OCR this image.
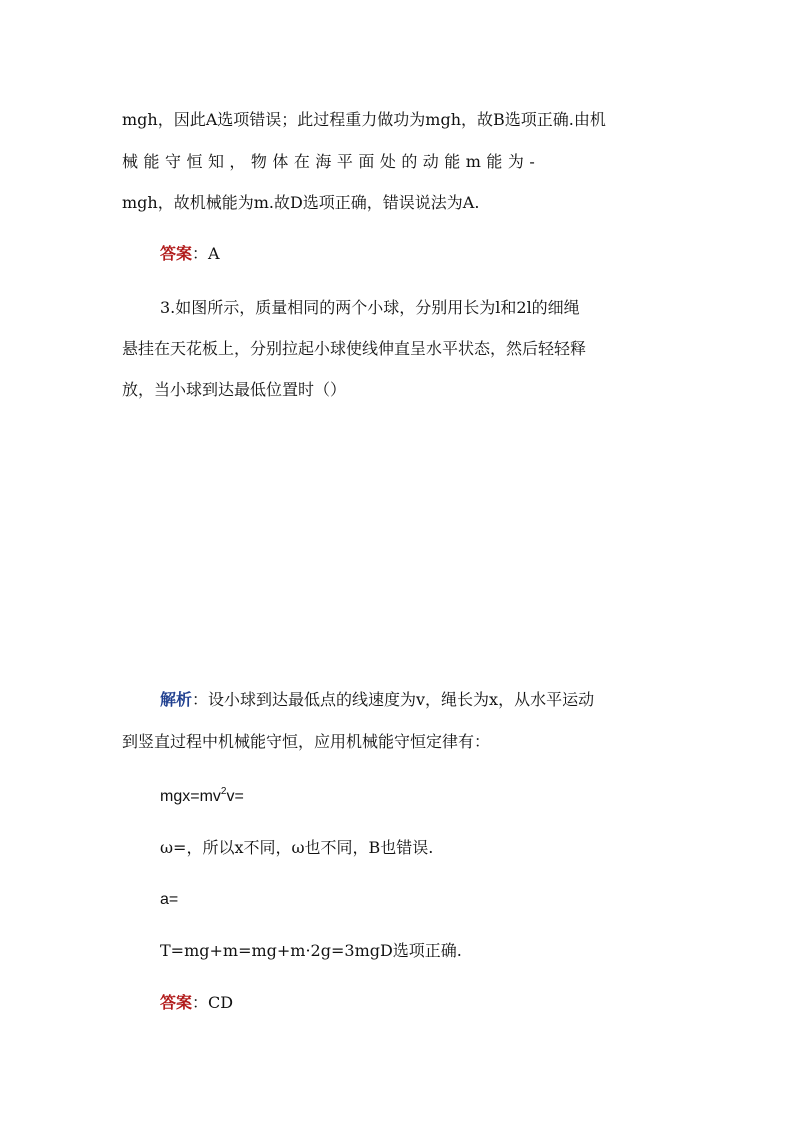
mgh，因此A选项错误；此过程重力做功为mgh，故B选项正确.由机
械 能 守 恒 知 ， 物 体 在 海 平 面 处 的 动 能 m 能 为 -
mgh，故机械能为m.故D选项正确，错误说法为A.
答案：A
3.如图所示，质量相同的两个小球，分别用长为l和2l的细绳
悬挂在天花板上，分别拉起小球使线伸直呈水平状态，然后轻轻释
放，当小球到达最低位置时（）
解析：设小球到达最低点的线速度为v，绳长为x，从水平运动
到竖直过程中机械能守恒，应用机械能守恒定律有：
$mgx=mv^2v=$
ω=，所以x不同，ω也不同，B也错误.
a=
T=mg+m=mg+m·2g=3mgD选项正确.
答案：CD
